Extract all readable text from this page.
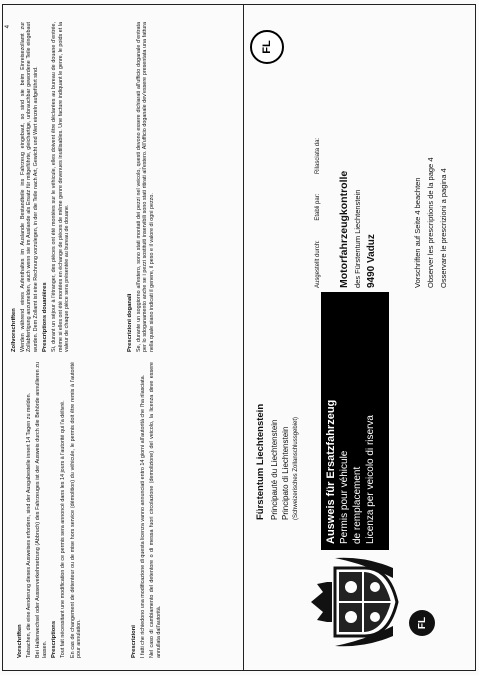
4
Vorschriften Tatsachen, die eine Aenderung dieses Ausweises erfordern, sind der Ausgabestelle innert 14 Tagen zu melden. Bei Halterwechsel oder Ausserverkehrsetzung (Abbruch) des Fahrzeuges ist der Ausweis durch die Behörde annullieren zu lassen. Prescriptions Tout fait nécessitant une modification de ce permis sera annoncé dans les 14 jours à l'autorité qui l'a délivré. En cas de changement de détenteur ou de mise hors service (démolition) du véhicule, le permis doit être remis à l'autorité pour annulation.	Prescrizioni I fatti che richiedono una modificazione di questa licenza vanno annunciati entro 14 giorni all'autorità che l'ha rilasciata. Nel caso di cambiamento del detentore o di messa fuori circolazione (demolizione) del veicolo, la licenza deve essere annullata dall'autorità.

Zollvorschriften Werden während eines Aufenthaltes im Auslande Bestandteile ins Fahrzeug eingebaut, so sind sie beim Einreisezollamt zur Zollabfertigung anzumelden, auch wenn sie im Auslande als Ersatz für mitgeführte, gleichartige, unbrauchbar gewordene Teile eingebaut wurden. Dem Zollamt ist eine Rechnung vorzulegen, in der die Teile nach Art, Gewicht und Wert einzeln aufgeführt sind. Prescriptions douanières Si, durant un séjour à l'étranger, des pièces ont été montées sur le véhicule, elles doivent être déclarées au bureau de douane d'entrée, même si elles ont été montées en échange de pièces de même genre devenues inutilisables. Une facture indiquant le genre, le poids et la valeur de chaque pièce sera présentée au bureau de douane.	Prescrizioni doganali Se, durante un soggiorno all'estero, sono stati montati dei pezzi nel veicolo, questi devono essere dichiarati all'ufficio doganale d'entrata per lo sdoganamento anche se i pezzi sostituiti inservibili sono stati ritirati all'estero. All'ufficio doganale dev'essere presentata una fattura nella quale siano indicati il genere, il peso e il valore di ogni pezzo.

FL
FL
Fürstentum Liechtenstein Principauté du Liechtenstein Principato di Liechtenstein (Schweizerisches Zollanschlussgebiet) Ausweis für Ersatzfahrzeug Permis pour véhicule de remplacement Licenza per veicolo di riserva
Ausgestellt durch: Etabli par: Rilasciata da:
Motorfahrzeugkontrolle des Fürstentum Liechtenstein 9490 Vaduz	Vorschriften auf Seite 4 beachten Observer les prescriptions de la page 4 Osservare le prescrizioni a pagina 4
